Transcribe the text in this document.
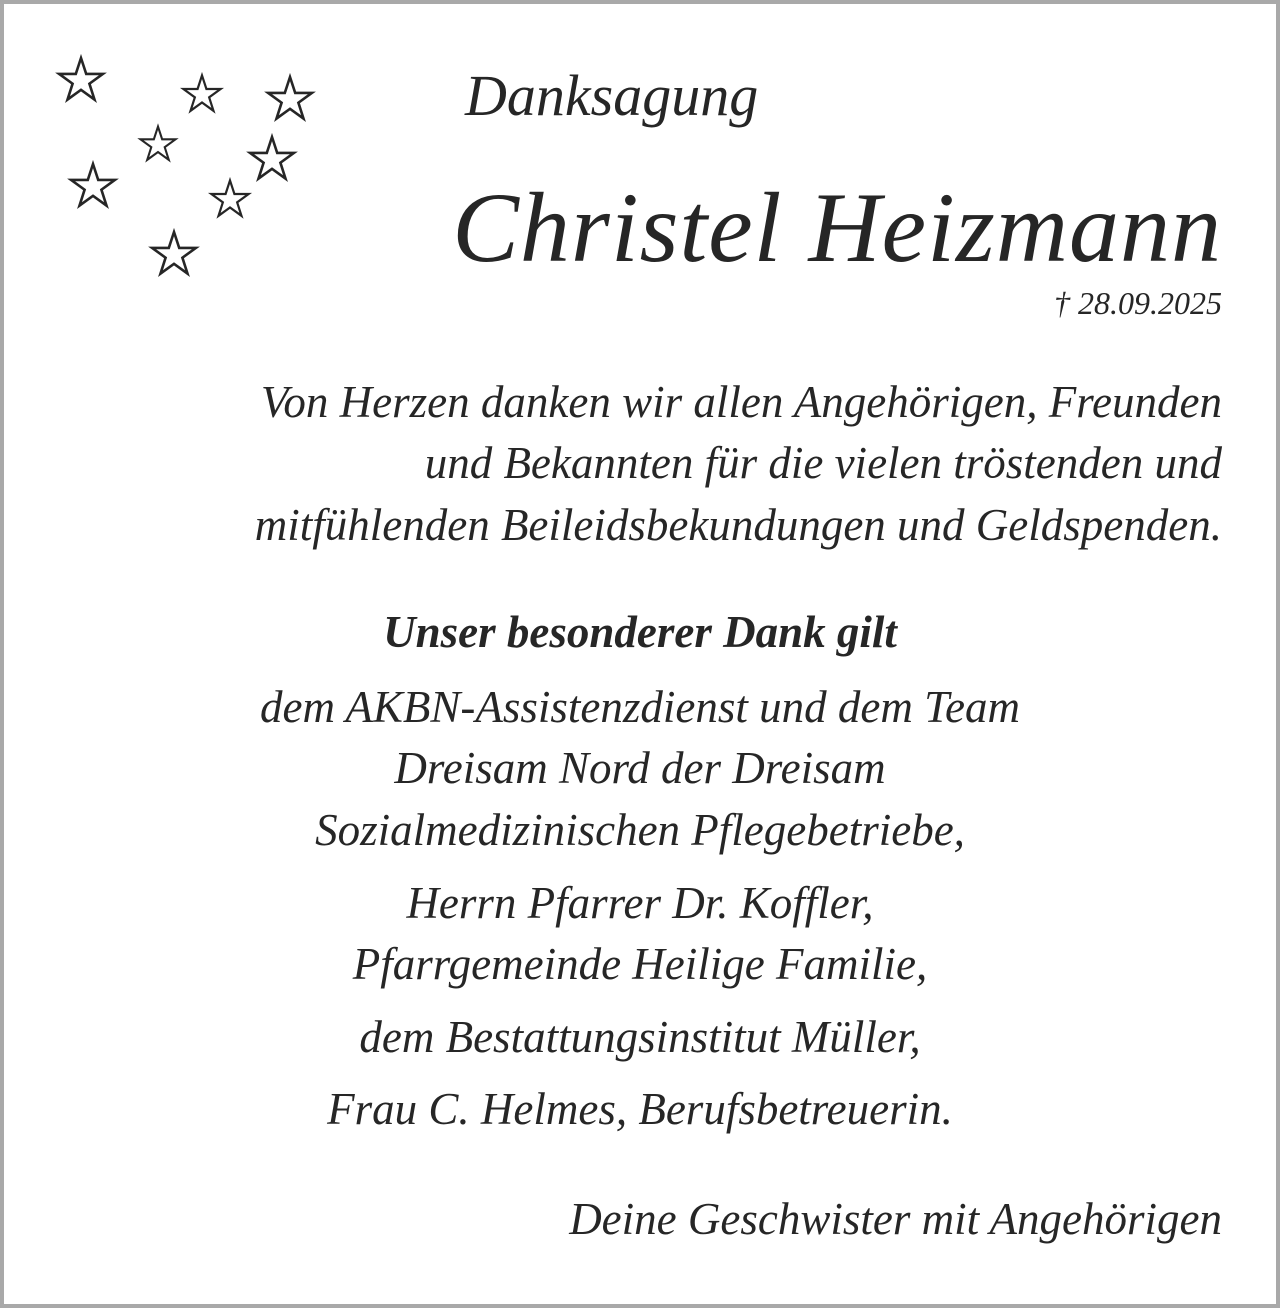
Danksagung
Christel Heizmann
† 28.09.2025
Von Herzen danken wir allen Angehörigen, Freunden
und Bekannten für die vielen tröstenden und
mitfühlenden Beileidsbekundungen und Geldspenden.
Unser besonderer Dank gilt
dem AKBN-Assistenzdienst und dem Team
Dreisam Nord der Dreisam
Sozialmedizinischen Pflegebetriebe,
Herrn Pfarrer Dr. Koffler,
Pfarrgemeinde Heilige Familie,
dem Bestattungsinstitut Müller,
Frau C. Helmes, Berufsbetreuerin.
Deine Geschwister mit Angehörigen
